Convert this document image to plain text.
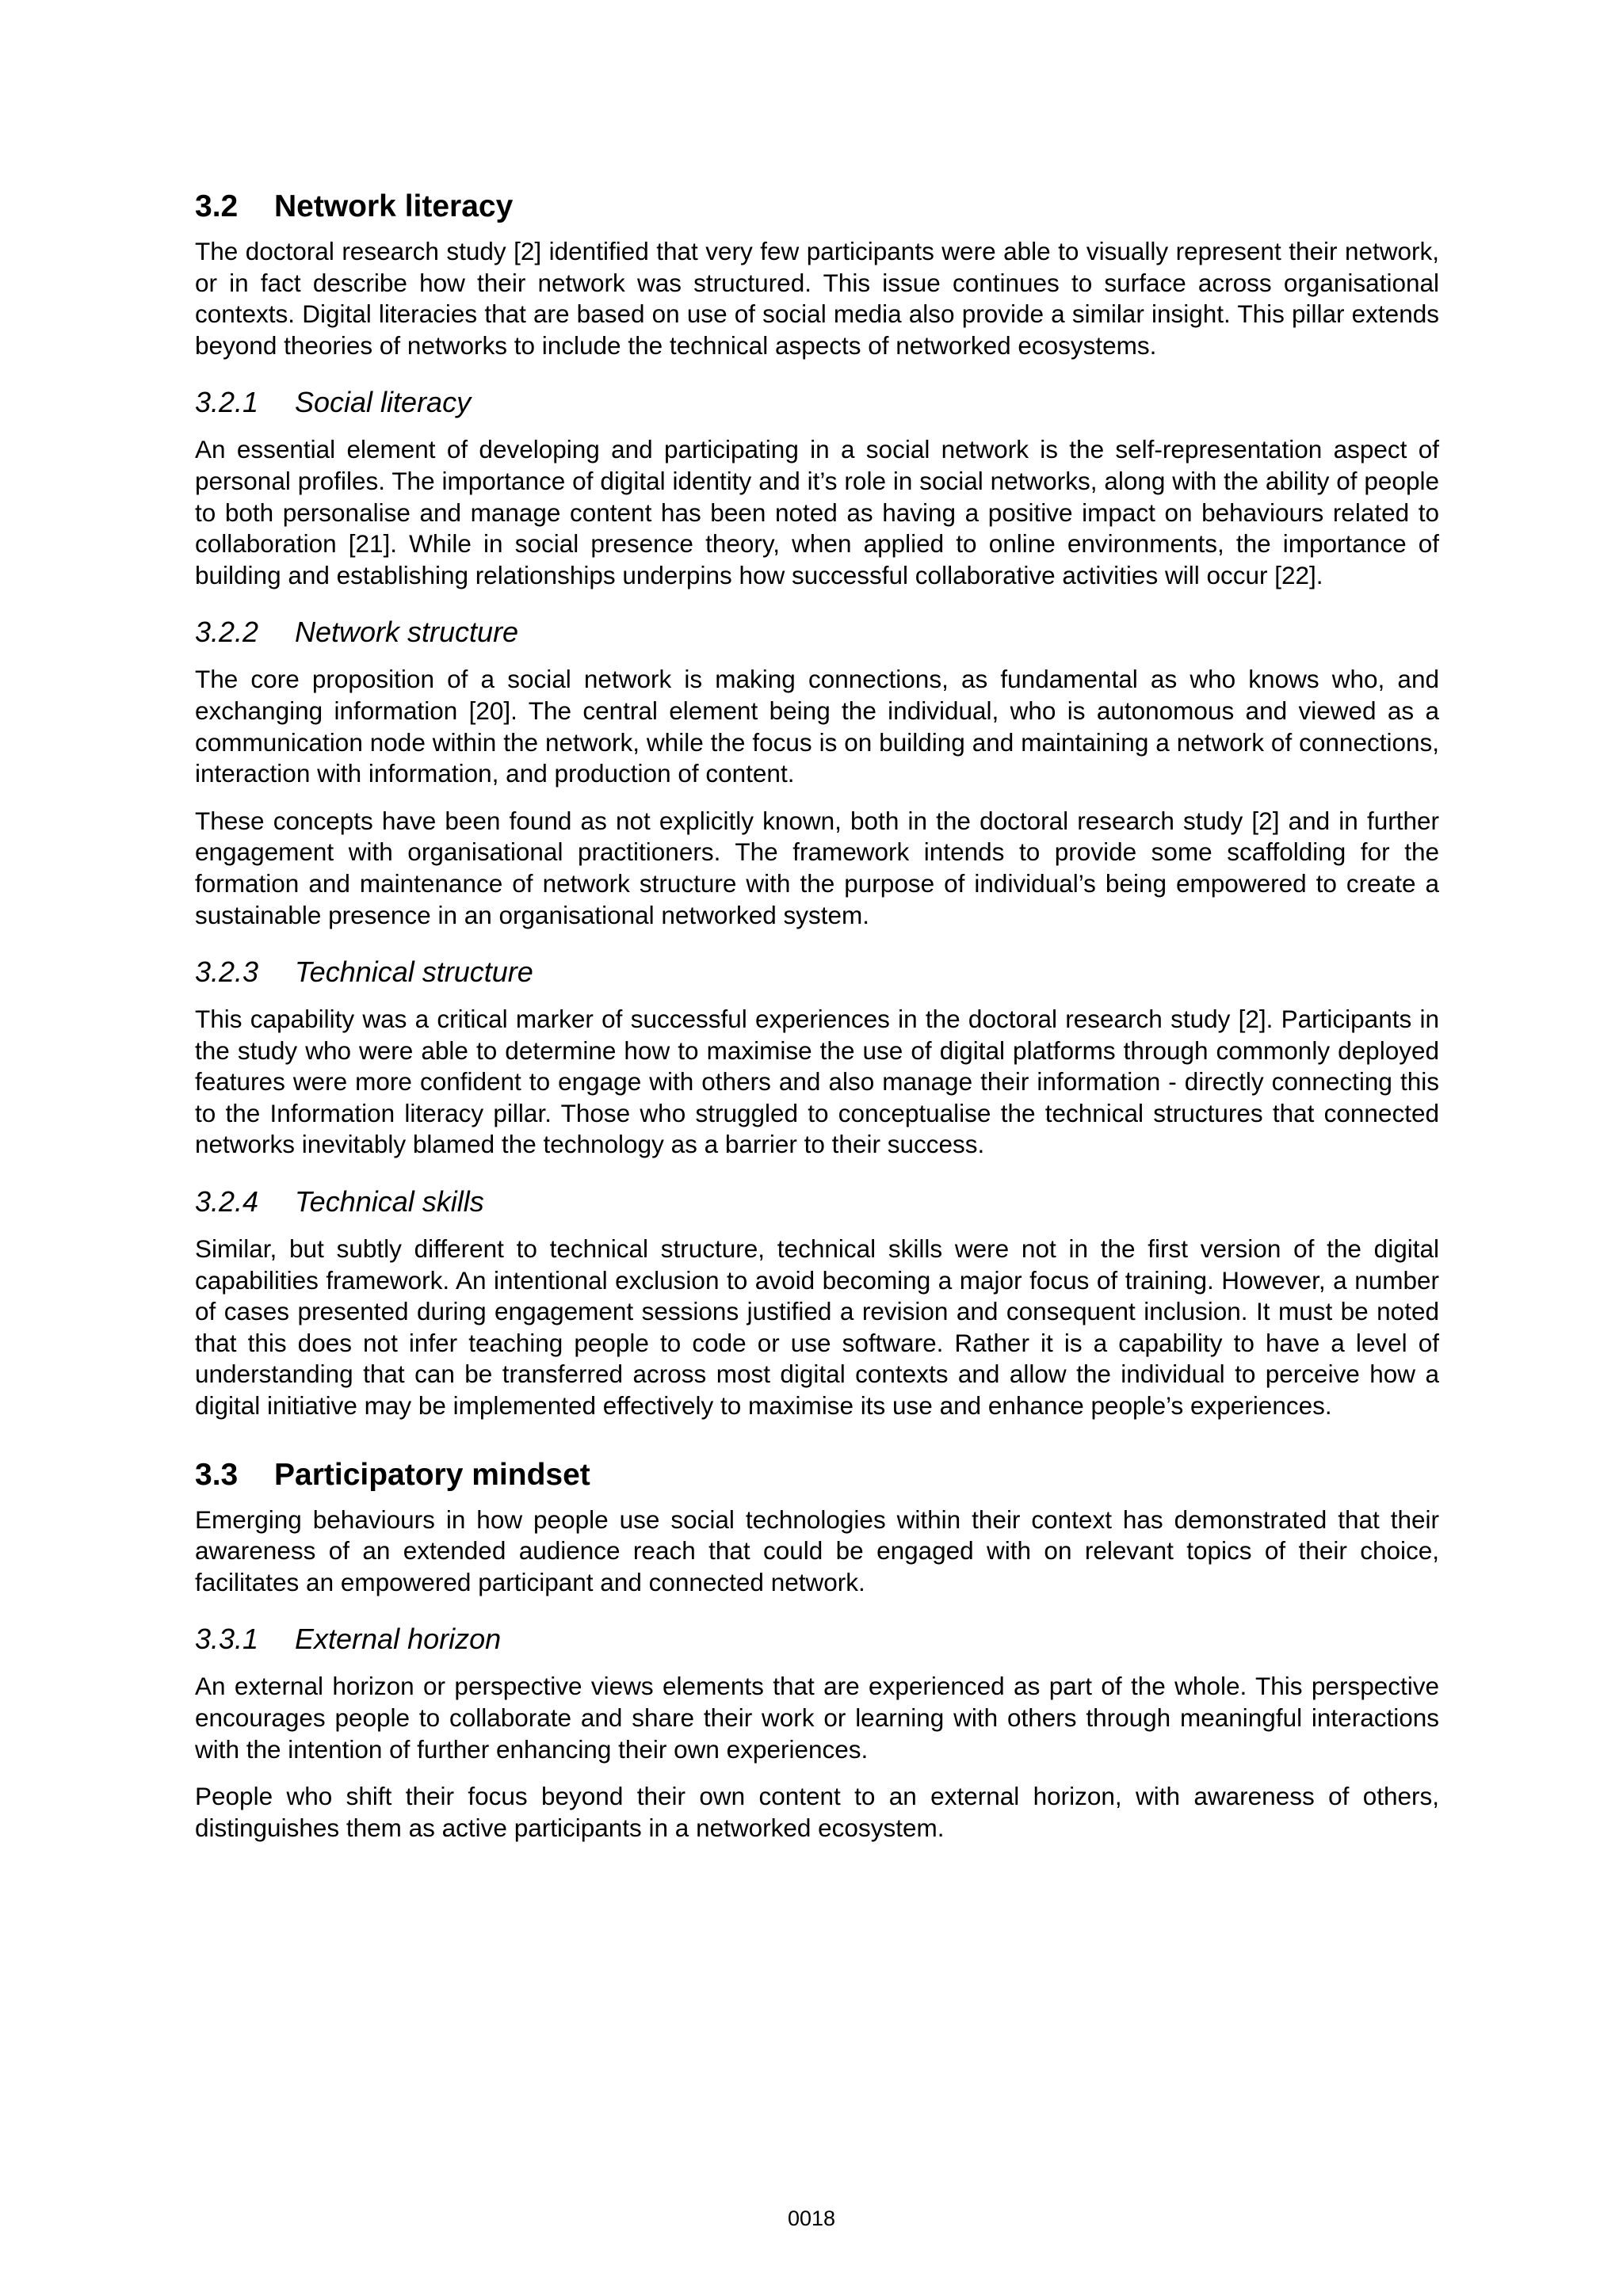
3.2	Network literacy

The doctoral research study [2] identified that very few participants were able to visually represent their network, or in fact describe how their network was structured. This issue continues to surface across organisational contexts. Digital literacies that are based on use of social media also provide a similar insight. This pillar extends beyond theories of networks to include the technical aspects of networked ecosystems.

3.2.1	Social literacy

An essential element of developing and participating in a social network is the self-representation aspect of personal profiles. The importance of digital identity and it’s role in social networks, along with the ability of people to both personalise and manage content has been noted as having a positive impact on behaviours related to collaboration [21]. While in social presence theory, when applied to online environments, the importance of building and establishing relationships underpins how successful collaborative activities will occur [22].

3.2.2	Network structure

The core proposition of a social network is making connections, as fundamental as who knows who, and exchanging information [20]. The central element being the individual, who is autonomous and viewed as a communication node within the network, while the focus is on building and maintaining a network of connections, interaction with information, and production of content.

These concepts have been found as not explicitly known, both in the doctoral research study [2] and in further engagement with organisational practitioners. The framework intends to provide some scaffolding for the formation and maintenance of network structure with the purpose of individual’s being empowered to create a sustainable presence in an organisational networked system.

3.2.3	Technical structure

This capability was a critical marker of successful experiences in the doctoral research study [2]. Participants in the study who were able to determine how to maximise the use of digital platforms through commonly deployed features were more confident to engage with others and also manage their information - directly connecting this to the Information literacy pillar. Those who struggled to conceptualise the technical structures that connected networks inevitably blamed the technology as a barrier to their success.

3.2.4	Technical skills

Similar, but subtly different to technical structure, technical skills were not in the first version of the digital capabilities framework. An intentional exclusion to avoid becoming a major focus of training. However, a number of cases presented during engagement sessions justified a revision and consequent inclusion. It must be noted that this does not infer teaching people to code or use software. Rather it is a capability to have a level of understanding that can be transferred across most digital contexts and allow the individual to perceive how a digital initiative may be implemented effectively to maximise its use and enhance people’s experiences.

3.3	Participatory mindset

Emerging behaviours in how people use social technologies within their context has demonstrated that their awareness of an extended audience reach that could be engaged with on relevant topics of their choice, facilitates an empowered participant and connected network.

3.3.1	External horizon

An external horizon or perspective views elements that are experienced as part of the whole. This perspective encourages people to collaborate and share their work or learning with others through meaningful interactions with the intention of further enhancing their own experiences.

People who shift their focus beyond their own content to an external horizon, with awareness of others, distinguishes them as active participants in a networked ecosystem.

0018
